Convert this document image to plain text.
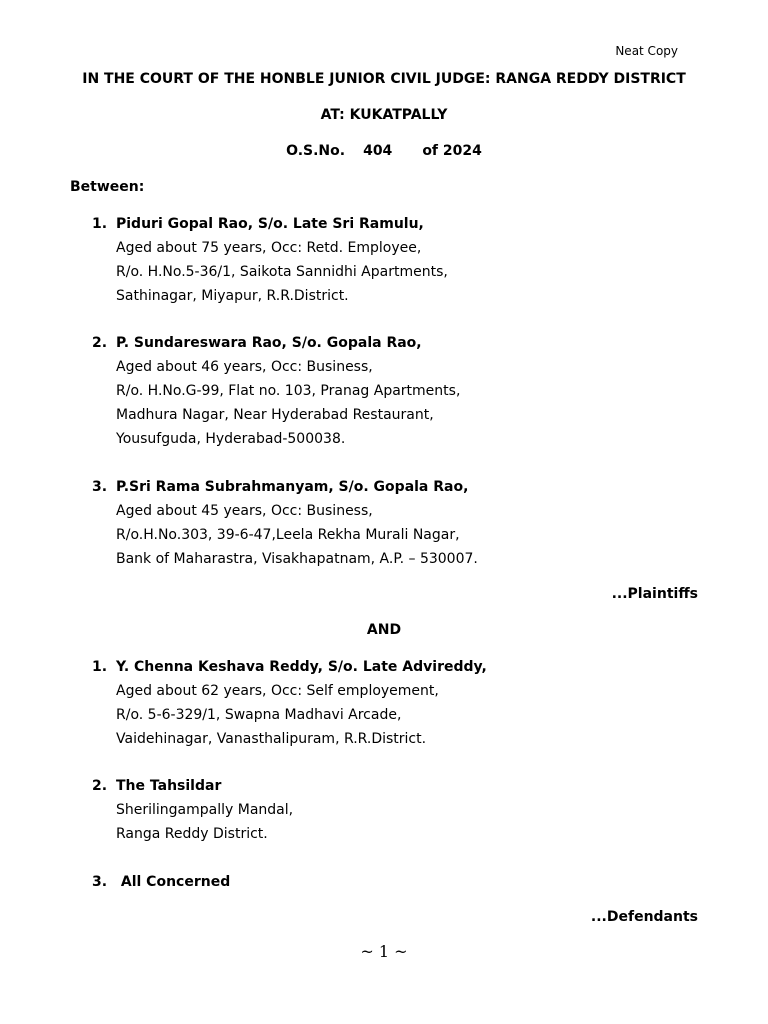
Neat Copy
IN THE COURT OF THE HONBLE JUNIOR CIVIL JUDGE: RANGA REDDY DISTRICT
AT: KUKATPALLY
O.S.No. 404 of 2024
Between:
1. Piduri Gopal Rao, S/o. Late Sri Ramulu,
Aged about 75 years, Occ: Retd. Employee,
R/o. H.No.5-36/1, Saikota Sannidhi Apartments,
Sathinagar, Miyapur, R.R.District.
2. P. Sundareswara Rao, S/o. Gopala Rao,
Aged about 46 years, Occ: Business,
R/o. H.No.G-99, Flat no. 103, Pranag Apartments,
Madhura Nagar, Near Hyderabad Restaurant,
Yousufguda, Hyderabad-500038.
3. P.Sri Rama Subrahmanyam, S/o. Gopala Rao,
Aged about 45 years, Occ: Business,
R/o.H.No.303, 39-6-47,Leela Rekha Murali Nagar,
Bank of Maharastra, Visakhapatnam, A.P. – 530007.
...Plaintiffs
AND
1. Y. Chenna Keshava Reddy, S/o. Late Advireddy,
Aged about 62 years, Occ: Self employement,
R/o. 5-6-329/1, Swapna Madhavi Arcade,
Vaidehinagar, Vanasthalipuram, R.R.District.
2. The Tahsildar
Sherilingampally Mandal,
Ranga Reddy District.
3. All Concerned
...Defendants
~ 1 ~
